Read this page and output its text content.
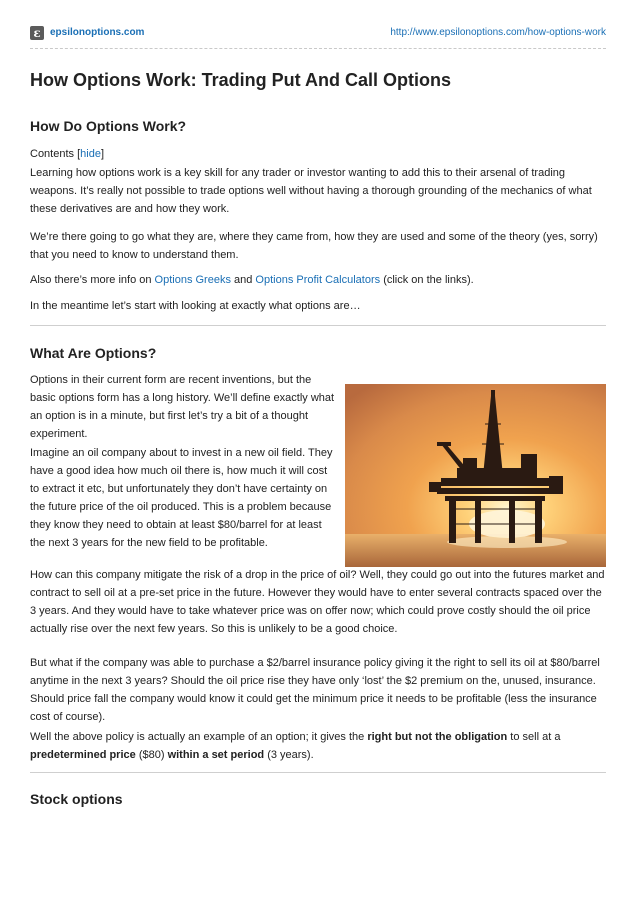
ε epsilonoptions.com	http://www.epsilonoptions.com/how-options-work
How Options Work: Trading Put And Call Options
How Do Options Work?

Contents [hide]

Learning how options work is a key skill for any trader or investor wanting to add this to their arsenal of trading weapons. It’s really not possible to trade options well without having a thorough grounding of the mechanics of what these derivatives are and how they work.

We’re there going to go what they are, where they came from, how they are used and some of the theory (yes, sorry) that you need to know to understand them.

Also there’s more info on Options Greeks and Options Profit Calculators (click on the links).

In the meantime let’s start with looking at exactly what options are…

What Are Options?

Options in their current form are recent inventions, but the basic options form has a long history. We’ll define exactly what an option is in a minute, but first let’s try a bit of a thought experiment.

Imagine an oil company about to invest in a new oil field. They have a good idea how much oil there is, how much it will cost to extract it etc, but unfortunately they don’t have certainty on the future price of the oil produced. This is a problem because they know they need to obtain at least $80/barrel for at least the next 3 years for the new field to be profitable.

How can this company mitigate the risk of a drop in the price of oil? Well, they could go out into the futures market and contract to sell oil at a pre-set price in the future. However they would have to enter several contracts spaced over the 3 years. And they would have to take whatever price was on offer now; which could prove costly should the oil price actually rise over the next few years. So this is unlikely to be a good choice.

But what if the company was able to purchase a $2/barrel insurance policy giving it the right to sell its oil at $80/barrel anytime in the next 3 years? Should the oil price rise they have only ‘lost’ the $2 premium on the, unused, insurance. Should price fall the company would know it could get the minimum price it needs to be profitable (less the insurance cost of course).

Well the above policy is actually an example of an option; it gives the right but not the obligation to sell at a predetermined price ($80) within a set period (3 years).

Stock options
